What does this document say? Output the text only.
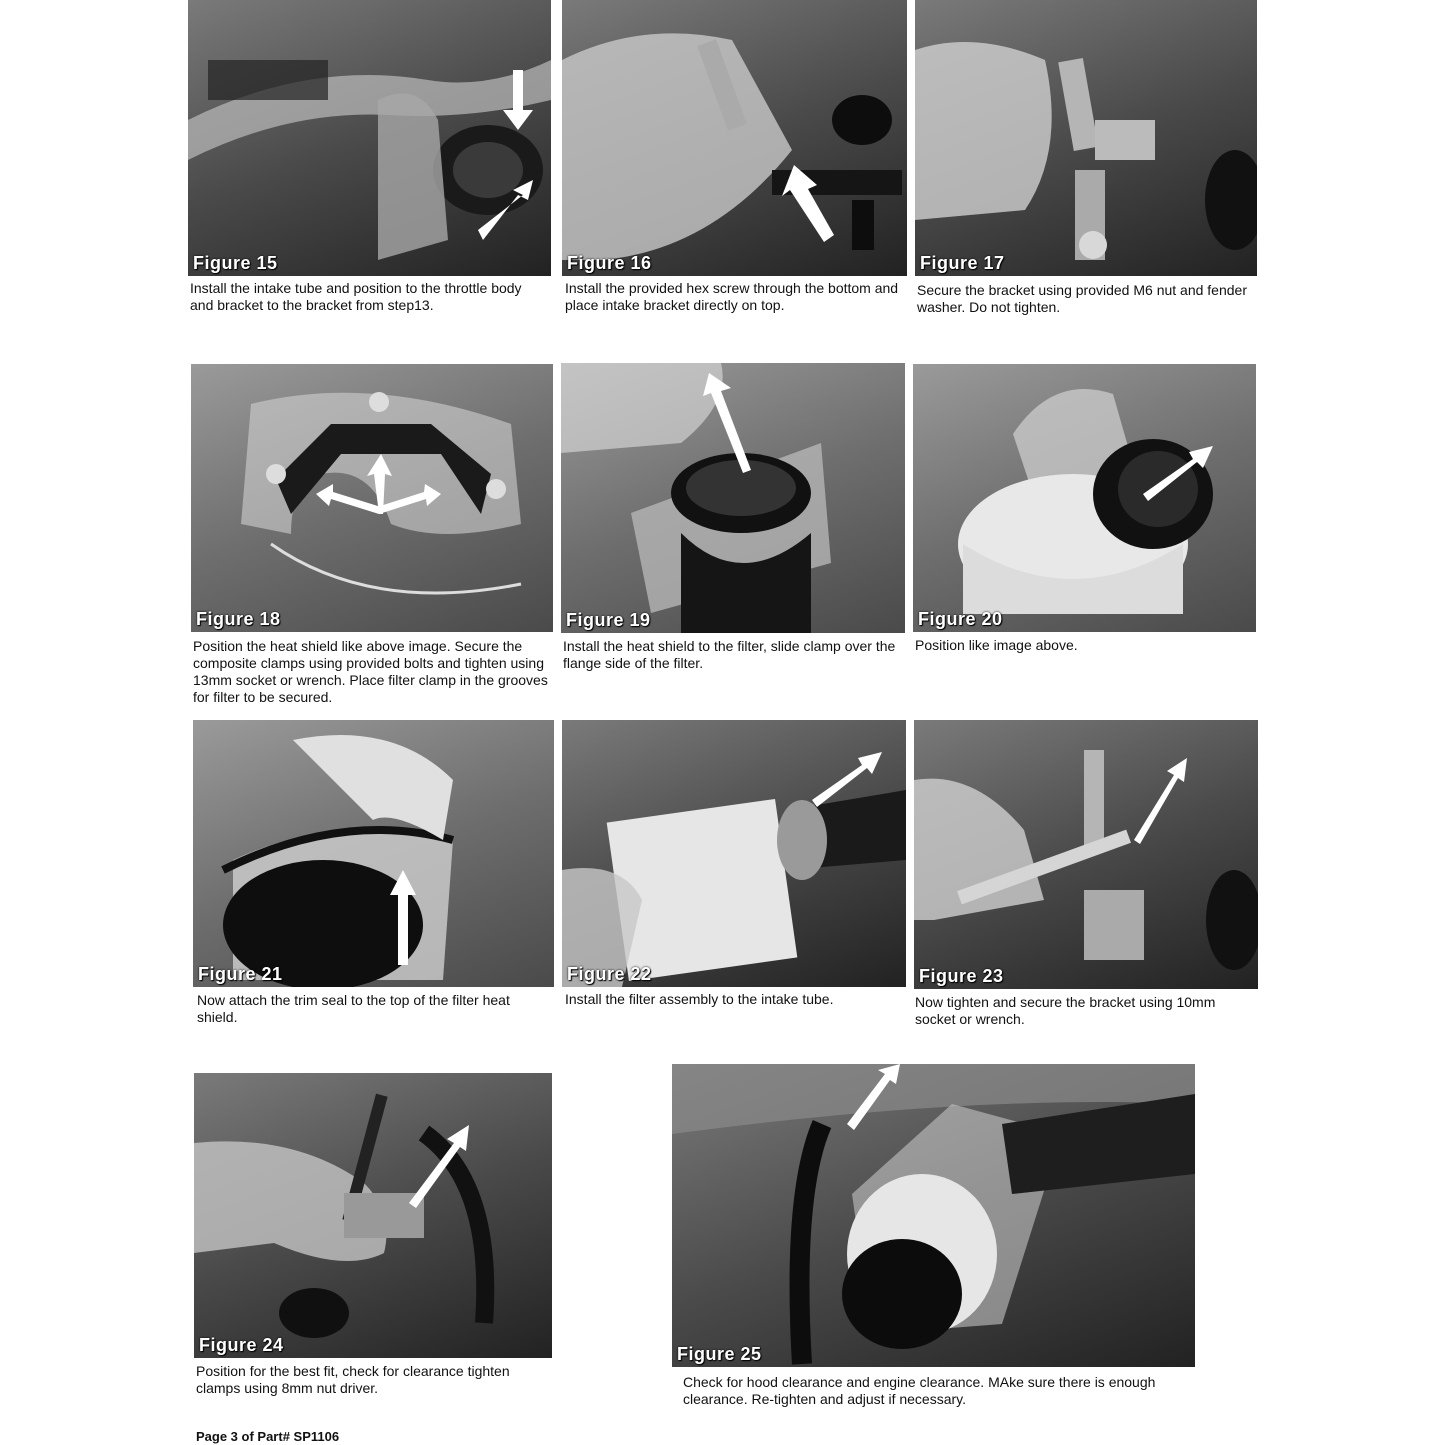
Figure 15
Install the intake tube and position to the throttle body and bracket to the bracket from step13.
Figure 16
Install the provided hex screw through the bottom and place intake bracket directly on top.
Figure 17
Secure the bracket using provided M6 nut and fender washer. Do not tighten.
Figure 18
Position the heat shield like above image. Secure the composite clamps using provided bolts and tighten using 13mm socket or wrench. Place filter clamp in the grooves for filter to be secured.
Figure 19
Install the heat shield to the filter, slide clamp over the flange side of the filter.
Figure 20
Position like image above.
Figure 21
Now attach the trim seal to the top of the filter heat shield.
Figure 22
Install the filter assembly to the intake tube.
Figure 23
Now tighten and secure the bracket using 10mm socket or wrench.
Figure 24
Position for the best fit, check for clearance tighten clamps using 8mm nut driver.
Figure 25
Check for hood clearance and engine clearance. MAke sure there is enough clearance. Re-tighten and adjust if necessary.
Page 3 of Part# SP1106
